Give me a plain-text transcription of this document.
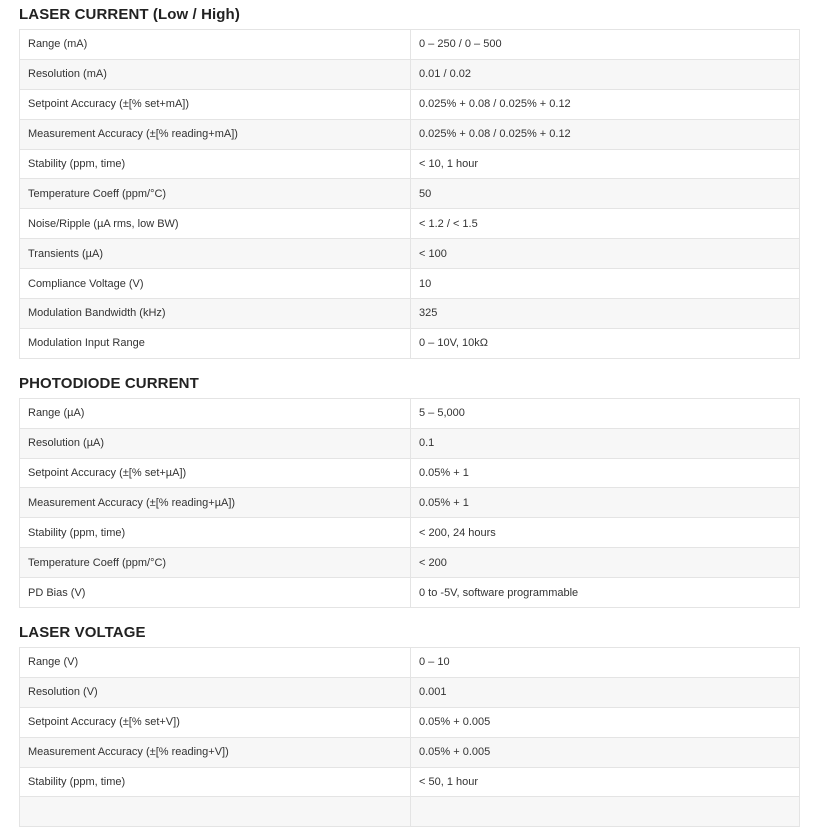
LASER CURRENT (Low / High)
Range (mA)	0 – 250 / 0 – 500
Resolution (mA)	0.01 / 0.02
Setpoint Accuracy (±[% set+mA])	0.025% + 0.08 / 0.025% + 0.12
Measurement Accuracy (±[% reading+mA])	0.025% + 0.08 / 0.025% + 0.12
Stability (ppm, time)	< 10, 1 hour
Temperature Coeff (ppm/°C)	50
Noise/Ripple (µA rms, low BW)	< 1.2 / < 1.5
Transients (µA)	< 100
Compliance Voltage (V)	10
Modulation Bandwidth (kHz)	325
Modulation Input Range	0 – 10V, 10kΩ
PHOTODIODE CURRENT
Range (µA)	5 – 5,000
Resolution (µA)	0.1
Setpoint Accuracy (±[% set+µA])	0.05% + 1
Measurement Accuracy (±[% reading+µA])	0.05% + 1
Stability (ppm, time)	< 200, 24 hours
Temperature Coeff (ppm/°C)	< 200
PD Bias (V)	0 to -5V, software programmable
LASER VOLTAGE
Range (V)	0 – 10
Resolution (V)	0.001
Setpoint Accuracy (±[% set+V])	0.05% + 0.005
Measurement Accuracy (±[% reading+V])	0.05% + 0.005
Stability (ppm, time)	< 50, 1 hour
